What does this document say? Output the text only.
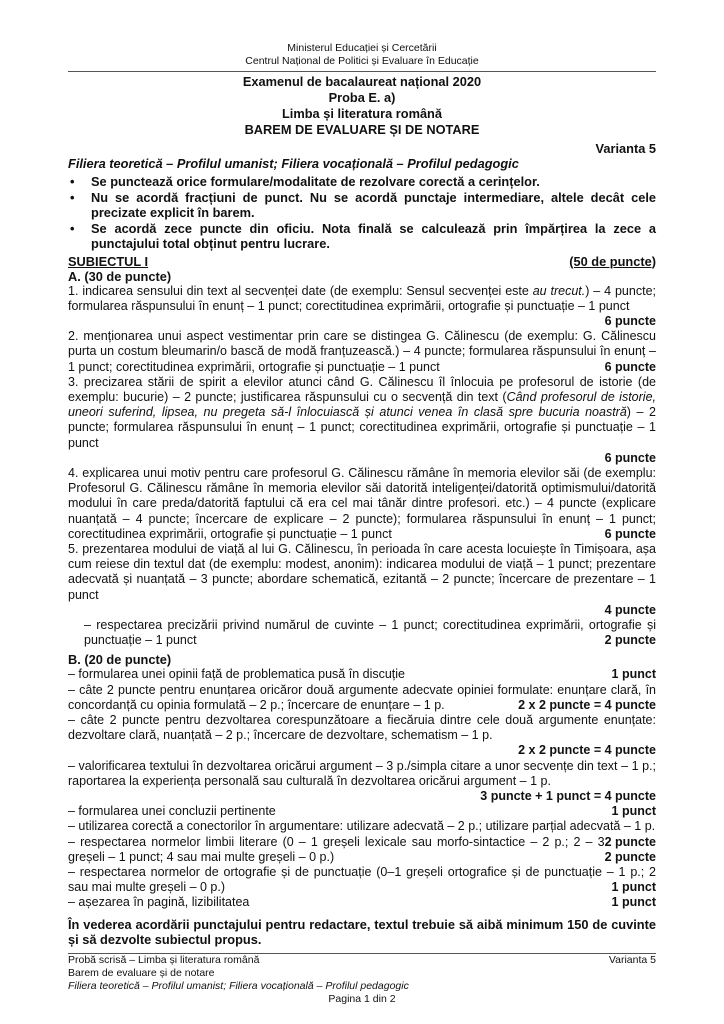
Ministerul Educației și Cercetării
Centrul Național de Politici și Evaluare în Educație
Examenul de bacalaureat național 2020
Proba E. a)
Limba și literatura română
BAREM DE EVALUARE ȘI DE NOTARE
Varianta 5
Filiera teoretică – Profilul umanist; Filiera vocațională – Profilul pedagogic
• Se punctează orice formulare/modalitate de rezolvare corectă a cerințelor.
• Nu se acordă fracțiuni de punct. Nu se acordă punctaje intermediare, altele decât cele precizate explicit în barem.
• Se acordă zece puncte din oficiu. Nota finală se calculează prin împărțirea la zece a punctajului total obținut pentru lucrare.
SUBIECTUL I	(50 de puncte)
A. (30 de puncte)
1. indicarea sensului din text al secvenței date (de exemplu: Sensul secvenței este au trecut.) – 4 puncte; formularea răspunsului în enunț – 1 punct; corectitudinea exprimării, ortografie și punctuație – 1 punct
6 puncte
2. menționarea unui aspect vestimentar prin care se distingea G. Călinescu (de exemplu: G. Călinescu purta un costum bleumarin/o bască de modă franțuzească.) – 4 puncte; formularea răspunsului în enunț – 1 punct; corectitudinea exprimării, ortografie și punctuație – 1 punct	6 puncte
3. precizarea stării de spirit a elevilor atunci când G. Călinescu îl înlocuia pe profesorul de istorie (de exemplu: bucurie) – 2 puncte; justificarea răspunsului cu o secvență din text (Când profesorul de istorie, uneori suferind, lipsea, nu pregeta să-l înlocuiască și atunci venea în clasă spre bucuria noastră) – 2 puncte; formularea răspunsului în enunț – 1 punct; corectitudinea exprimării, ortografie și punctuație – 1 punct
6 puncte
4. explicarea unui motiv pentru care profesorul G. Călinescu rămâne în memoria elevilor săi (de exemplu: Profesorul G. Călinescu rămâne în memoria elevilor săi datorită inteligenței/datorită optimismului/datorită modului în care preda/datorită faptului că era cel mai tânăr dintre profesori. etc.) – 4 puncte (explicare nuanțată – 4 puncte; încercare de explicare – 2 puncte); formularea răspunsului în enunț – 1 punct; corectitudinea exprimării, ortografie și punctuație – 1 punct	6 puncte
5. prezentarea modului de viață al lui G. Călinescu, în perioada în care acesta locuiește în Timișoara, așa cum reiese din textul dat (de exemplu: modest, anonim): indicarea modului de viață – 1 punct; prezentare adecvată și nuanțată – 3 puncte; abordare schematică, ezitantă – 2 puncte; încercare de prezentare – 1 punct
4 puncte
– respectarea precizării privind numărul de cuvinte – 1 punct; corectitudinea exprimării, ortografie și punctuație – 1 punct	2 puncte
B. (20 de puncte)
– formularea unei opinii față de problematica pusă în discuție	1 punct
– câte 2 puncte pentru enunțarea oricăror două argumente adecvate opiniei formulate: enunțare clară, în concordanță cu opinia formulată – 2 p.; încercare de enunțare – 1 p.	2 x 2 puncte = 4 puncte
– câte 2 puncte pentru dezvoltarea corespunzătoare a fiecăruia dintre cele două argumente enunțate: dezvoltare clară, nuanțată – 2 p.; încercare de dezvoltare, schematism – 1 p.
2 x 2 puncte = 4 puncte
– valorificarea textului în dezvoltarea oricărui argument – 3 p./simpla citare a unor secvențe din text – 1 p.; raportarea la experiența personală sau culturală în dezvoltarea oricărui argument – 1 p.
3 puncte + 1 punct = 4 puncte
– formularea unei concluzii pertinente	1 punct
– utilizarea corectă a conectorilor în argumentare: utilizare adecvată – 2 p.; utilizare parțial adecvată – 1 p.
2 puncte
– respectarea normelor limbii literare (0 – 1 greșeli lexicale sau morfo-sintactice – 2 p.; 2 – 3 greșeli – 1 punct; 4 sau mai multe greșeli – 0 p.)	2 puncte
– respectarea normelor de ortografie și de punctuație (0–1 greșeli ortografice și de punctuație – 1 p.; 2 sau mai multe greșeli – 0 p.)	1 punct
– așezarea în pagină, lizibilitatea	1 punct
În vederea acordării punctajului pentru redactare, textul trebuie să aibă minimum 150 de cuvinte și să dezvolte subiectul propus.
Probă scrisă – Limba și literatura română	Varianta 5
Barem de evaluare și de notare
Filiera teoretică – Profilul umanist; Filiera vocațională – Profilul pedagogic
Pagina 1 din 2
